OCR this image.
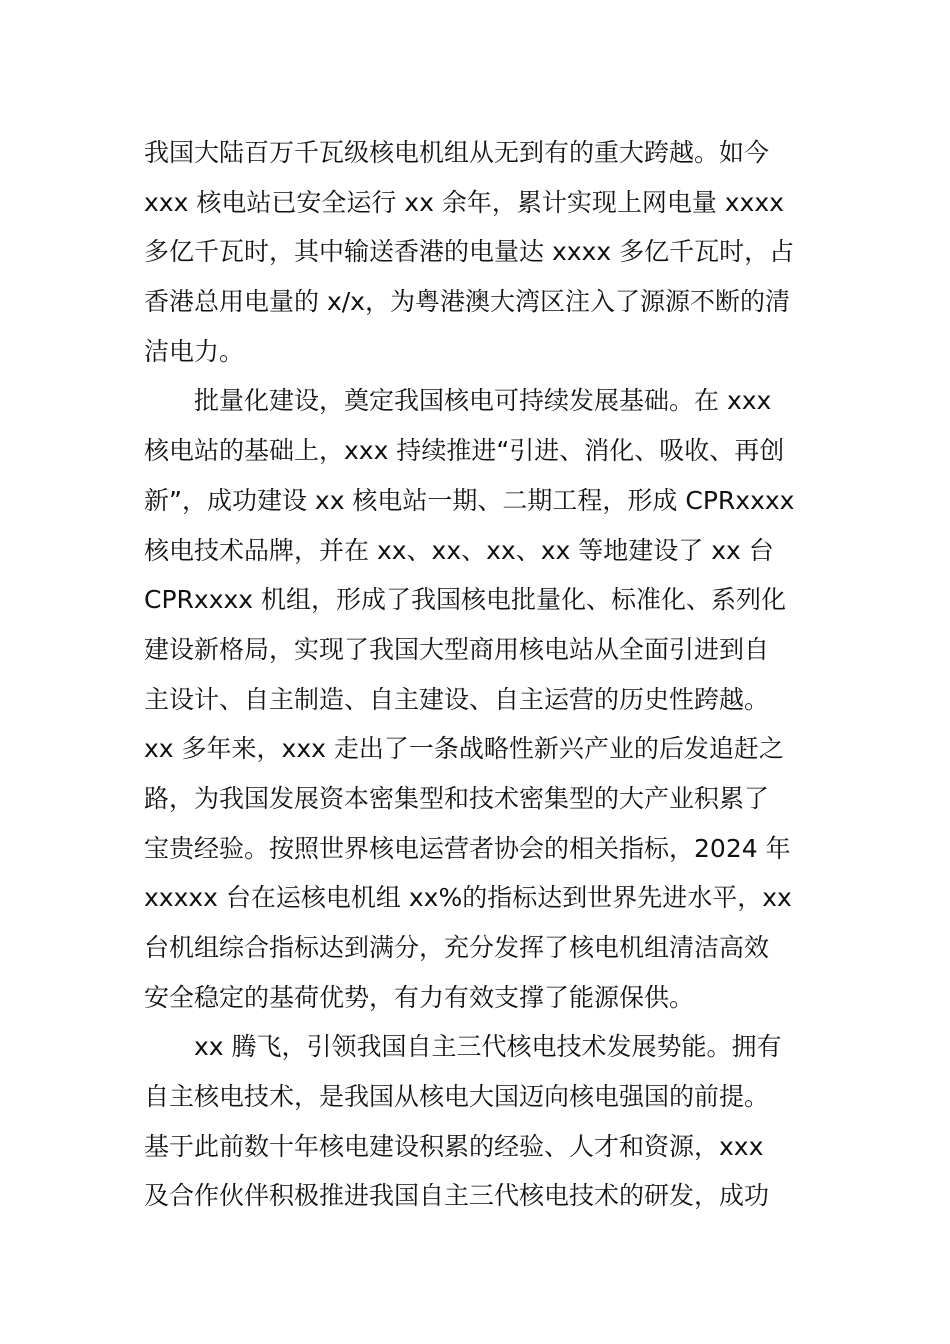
我国大陆百万千瓦级核电机组从无到有的重大跨越。如今
xxx 核电站已安全运行 xx 余年，累计实现上网电量 xxxx
多亿千瓦时，其中输送香港的电量达 xxxx 多亿千瓦时，占
香港总用电量的 x/x，为粤港澳大湾区注入了源源不断的清
洁电力。
批量化建设，奠定我国核电可持续发展基础。在 xxx
核电站的基础上，xxx 持续推进“引进、消化、吸收、再创
新”，成功建设 xx 核电站一期、二期工程，形成 CPRxxxx
核电技术品牌，并在 xx、xx、xx、xx 等地建设了 xx 台
CPRxxxx 机组，形成了我国核电批量化、标准化、系列化
建设新格局，实现了我国大型商用核电站从全面引进到自
主设计、自主制造、自主建设、自主运营的历史性跨越。
xx 多年来，xxx 走出了一条战略性新兴产业的后发追赶之
路，为我国发展资本密集型和技术密集型的大产业积累了
宝贵经验。按照世界核电运营者协会的相关指标，2024 年
xxxxx 台在运核电机组 xx%的指标达到世界先进水平，xx
台机组综合指标达到满分，充分发挥了核电机组清洁高效
安全稳定的基荷优势，有力有效支撑了能源保供。
xx 腾飞，引领我国自主三代核电技术发展势能。拥有
自主核电技术，是我国从核电大国迈向核电强国的前提。
基于此前数十年核电建设积累的经验、人才和资源，xxx
及合作伙伴积极推进我国自主三代核电技术的研发，成功
